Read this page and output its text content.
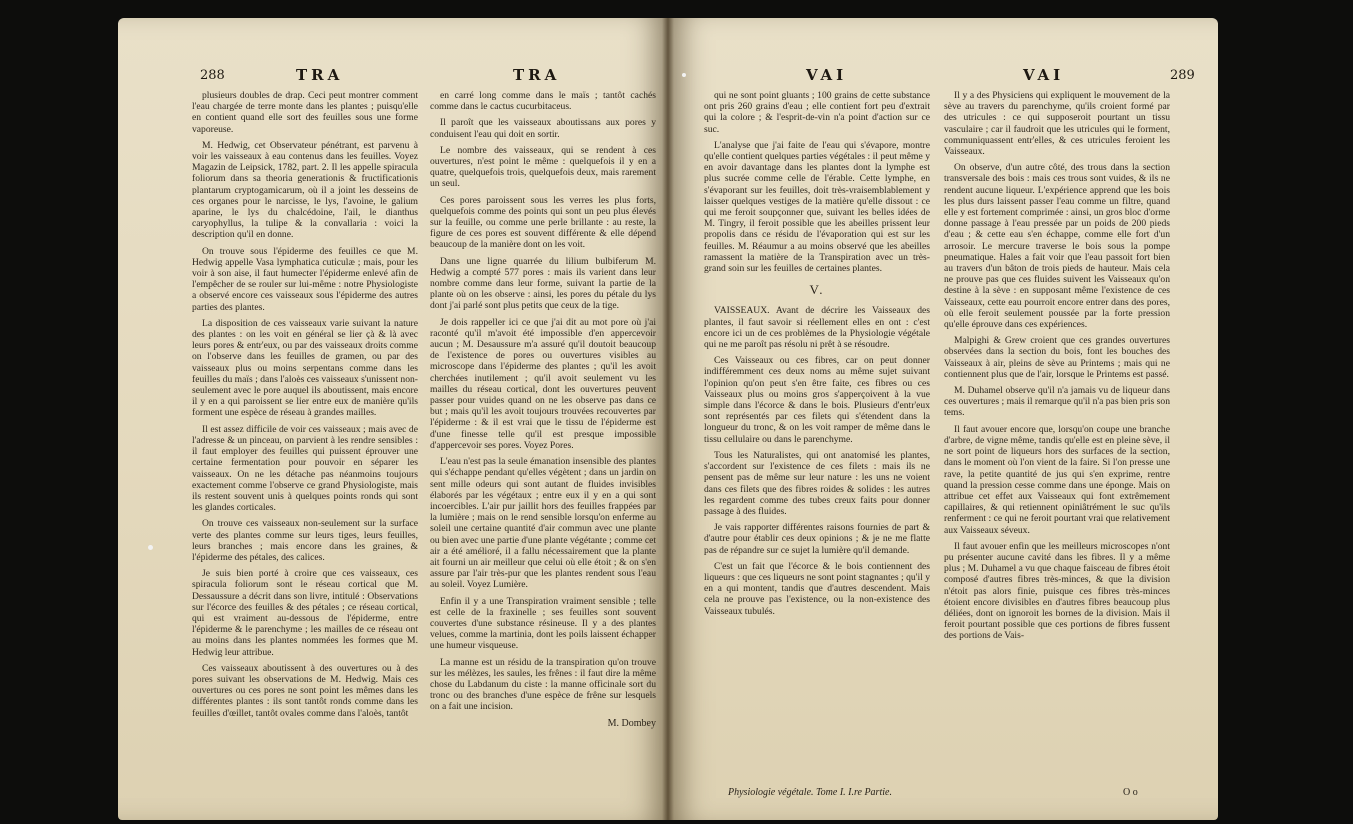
288	TRA	TRA

plusieurs doubles de drap. Ceci peut montrer comment l'eau chargée de terre monte dans les plantes ; puisqu'elle en contient quand elle sort des feuilles sous une forme vaporeuse.

M. Hedwig, cet Observateur pénétrant, est parvenu à voir les vaisseaux à eau contenus dans les feuilles. Voyez Magazin de Leipsick, 1782, part. 2. Il les appelle spiracula foliorum dans sa theoria generationis & fructificationis plantarum cryptogamicarum, où il a joint les desseins de ces organes pour le narcisse, le lys, l'avoine, le galium aparine, le lys du chalcédoine, l'ail, le dianthus caryophyllus, la tulipe & la convallaria : voici la description qu'il en donne.

On trouve sous l'épiderme des feuilles ce que M. Hedwig appelle Vasa lymphatica cuticulæ ; mais, pour les voir à son aise, il faut humecter l'épiderme enlevé afin de l'empêcher de se rouler sur lui-même : notre Physiologiste a observé encore ces vaisseaux sous l'épiderme des autres parties des plantes.

La disposition de ces vaisseaux varie suivant la nature des plantes : on les voit en général se lier çà & là avec leurs pores & entr'eux, ou par des vaisseaux droits comme on l'observe dans les feuilles de gramen, ou par des vaisseaux plus ou moins serpentans comme dans les feuilles du maïs ; dans l'aloès ces vaisseaux s'unissent non-seulement avec le pore auquel ils aboutissent, mais encore il y en a qui paroissent se lier entre eux de manière qu'ils forment une espèce de réseau à grandes mailles.

Il est assez difficile de voir ces vaisseaux ; mais avec de l'adresse & un pinceau, on parvient à les rendre sensibles : il faut employer des feuilles qui puissent éprouver une certaine fermentation pour pouvoir en séparer les vaisseaux. On ne les détache pas néanmoins toujours exactement comme l'observe ce grand Physiologiste, mais ils restent souvent unis à quelques points ronds qui sont les glandes corticales.

On trouve ces vaisseaux non-seulement sur la surface verte des plantes comme sur leurs tiges, leurs feuilles, leurs branches ; mais encore dans les graines, & l'épiderme des pétales, des calices.

Je suis bien porté à croire que ces vaisseaux, ces spiracula foliorum sont le réseau cortical que M. Dessaussure a décrit dans son livre, intitulé : Observations sur l'écorce des feuilles & des pétales ; ce réseau cortical, qui est vraiment au-dessous de l'épiderme, entre l'épiderme & le parenchyme ; les mailles de ce réseau ont au moins dans les plantes nommées les formes que M. Hedwig leur attribue.

Ces vaisseaux aboutissent à des ouvertures ou à des pores suivant les observations de M. Hedwig. Mais ces ouvertures ou ces pores ne sont point les mêmes dans les différentes plantes : ils sont tantôt ronds comme dans les feuilles d'œillet, tantôt ovales comme dans l'aloès, tantôt

en carré long comme dans le maïs ; tantôt cachés comme dans le cactus cucurbitaceus.

Il paroît que les vaisseaux aboutissans aux pores y conduisent l'eau qui doit en sortir.

Le nombre des vaisseaux, qui se rendent à ces ouvertures, n'est point le même : quelquefois il y en a quatre, quelquefois trois, quelquefois deux, mais rarement un seul.

Ces pores paroissent sous les verres les plus forts, quelquefois comme des points qui sont un peu plus élevés sur la feuille, ou comme une perle brillante : au reste, la figure de ces pores est souvent différente & elle dépend beaucoup de la manière dont on les voit.

Dans une ligne quarrée du lilium bulbiferum M. Hedwig a compté 577 pores : mais ils varient dans leur nombre comme dans leur forme, suivant la partie de la plante où on les observe : ainsi, les pores du pétale du lys dont j'ai parlé sont plus petits que ceux de la tige.

Je dois rappeller ici ce que j'ai dit au mot pore où j'ai raconté qu'il m'avoit été impossible d'en appercevoir aucun ; M. Desaussure m'a assuré qu'il doutoit beaucoup de l'existence de pores ou ouvertures visibles au microscope dans l'épiderme des plantes ; qu'il les avoit cherchées inutilement ; qu'il avoit seulement vu les mailles du réseau cortical, dont les ouvertures peuvent passer pour vuides quand on ne les observe pas dans ce but ; mais qu'il les avoit toujours trouvées recouvertes par l'épiderme : & il est vrai que le tissu de l'épiderme est d'une finesse telle qu'il est presque impossible d'appercevoir ses pores. Voyez Pores.

L'eau n'est pas la seule émanation insensible des plantes qui s'échappe pendant qu'elles végètent ; dans un jardin on sent mille odeurs qui sont autant de fluides invisibles élaborés par les végétaux ; entre eux il y en a qui sont incoercibles. L'air pur jaillit hors des feuilles frappées par la lumière ; mais on le rend sensible lorsqu'on enferme au soleil une certaine quantité d'air commun avec une plante ou bien avec une partie d'une plante végétante ; comme cet air a été amélioré, il a fallu nécessairement que la plante ait fourni un air meilleur que celui où elle étoit ; & on s'en assure par l'air très-pur que les plantes rendent sous l'eau au soleil. Voyez Lumière.

Enfin il y a une Transpiration vraiment sensible ; telle est celle de la fraxinelle ; ses feuilles sont souvent couvertes d'une substance résineuse. Il y a des plantes velues, comme la martinia, dont les poils laissent échapper une humeur visqueuse.

La manne est un résidu de la transpiration qu'on trouve sur les mélèzes, les saules, les frênes : il faut dire la même chose du Labdanum du ciste : la manne officinale sort du tronc ou des branches d'une espèce de frêne sur lesquels on a fait une incision.

M. Dombey
VAI	VAI	289

qui ne sont point gluants ; 100 grains de cette substance ont pris 260 grains d'eau ; elle contient fort peu d'extrait qui la colore ; & l'esprit-de-vin n'a point d'action sur ce suc.

L'analyse que j'ai faite de l'eau qui s'évapore, montre qu'elle contient quelques parties végétales : il peut même y en avoir davantage dans les plantes dont la lymphe est plus sucrée comme celle de l'érable. Cette lymphe, en s'évaporant sur les feuilles, doit très-vraisemblablement y laisser quelques vestiges de la matière qu'elle dissout : ce qui me feroit soupçonner que, suivant les belles idées de M. Tingry, il feroit possible que les abeilles prissent leur propolis dans ce résidu de l'évaporation qui est sur les feuilles. M. Réaumur a au moins observé que les abeilles ramassent la matière de la Transpiration avec un très-grand soin sur les feuilles de certaines plantes.

V.

VAISSEAUX. Avant de décrire les Vaisseaux des plantes, il faut savoir si réellement elles en ont : c'est encore ici un de ces problèmes de la Physiologie végétale qui ne me paroît pas résolu ni prêt à se résoudre.

Ces Vaisseaux ou ces fibres, car on peut donner indifféremment ces deux noms au même sujet suivant l'opinion qu'on peut s'en être faite, ces fibres ou ces Vaisseaux plus ou moins gros s'apperçoivent à la vue simple dans l'écorce & dans le bois. Plusieurs d'entr'eux sont représentés par ces filets qui s'étendent dans la longueur du tronc, & on les voit ramper de même dans le tissu cellulaire ou dans le parenchyme.

Tous les Naturalistes, qui ont anatomisé les plantes, s'accordent sur l'existence de ces filets : mais ils ne pensent pas de même sur leur nature : les uns ne voient dans ces filets que des fibres roides & solides : les autres les regardent comme des tubes creux faits pour donner passage à des fluides.

Je vais rapporter différentes raisons fournies de part & d'autre pour établir ces deux opinions ; & je ne me flatte pas de répandre sur ce sujet la lumière qu'il demande.

C'est un fait que l'écorce & le bois contiennent des liqueurs : que ces liqueurs ne sont point stagnantes ; qu'il y en a qui montent, tandis que d'autres descendent. Mais cela ne prouve pas l'existence, ou la non-existence des Vaisseaux tubulés.

Il y a des Physiciens qui expliquent le mouvement de la sève au travers du parenchyme, qu'ils croient formé par des utricules : ce qui supposeroit pourtant un tissu vasculaire ; car il faudroit que les utricules qui le forment, communiquassent entr'elles, & ces utricules feroient les Vaisseaux.

On observe, d'un autre côté, des trous dans la section transversale des bois : mais ces trous sont vuides, & ils ne rendent aucune liqueur. L'expérience apprend que les bois les plus durs laissent passer l'eau comme un filtre, quand elle y est fortement comprimée : ainsi, un gros bloc d'orme donne passage à l'eau pressée par un poids de 200 pieds d'eau ; & cette eau s'en échappe, comme elle fort d'un arrosoir. Le mercure traverse le bois sous la pompe pneumatique. Hales a fait voir que l'eau passoit fort bien au travers d'un bâton de trois pieds de hauteur. Mais cela ne prouve pas que ces fluides suivent les Vaisseaux qu'on destine à la sève : en supposant même l'existence de ces Vaisseaux, cette eau pourroit encore entrer dans des pores, où elle feroit seulement poussée par la forte pression qu'elle éprouve dans ces expériences.

Malpighi & Grew croient que ces grandes ouvertures observées dans la section du bois, font les bouches des Vaisseaux à air, pleins de sève au Printems ; mais qui ne contiennent plus que de l'air, lorsque le Printems est passé.

M. Duhamel observe qu'il n'a jamais vu de liqueur dans ces ouvertures ; mais il remarque qu'il n'a pas bien pris son tems.

Il faut avouer encore que, lorsqu'on coupe une branche d'arbre, de vigne même, tandis qu'elle est en pleine sève, il ne sort point de liqueurs hors des surfaces de la section, dans le moment où l'on vient de la faire. Si l'on presse une rave, la petite quantité de jus qui s'en exprime, rentre quand la pression cesse comme dans une éponge. Mais on attribue cet effet aux Vaisseaux qui font extrêmement capillaires, & qui retiennent opiniâtrément le suc qu'ils renferment : ce qui ne feroit pourtant vrai que relativement aux Vaisseaux séveux.

Il faut avouer enfin que les meilleurs microscopes n'ont pu présenter aucune cavité dans les fibres. Il y a même plus ; M. Duhamel a vu que chaque faisceau de fibres étoit composé d'autres fibres très-minces, & que la division n'étoit pas alors finie, puisque ces fibres très-minces étoient encore divisibles en d'autres fibres beaucoup plus déliées, dont on ignoroit les bornes de la division. Mais il feroit pourtant possible que ces portions de fibres fussent des portions de Vais-

Physiologie végétale. Tome I. I.re Partie.	O o
